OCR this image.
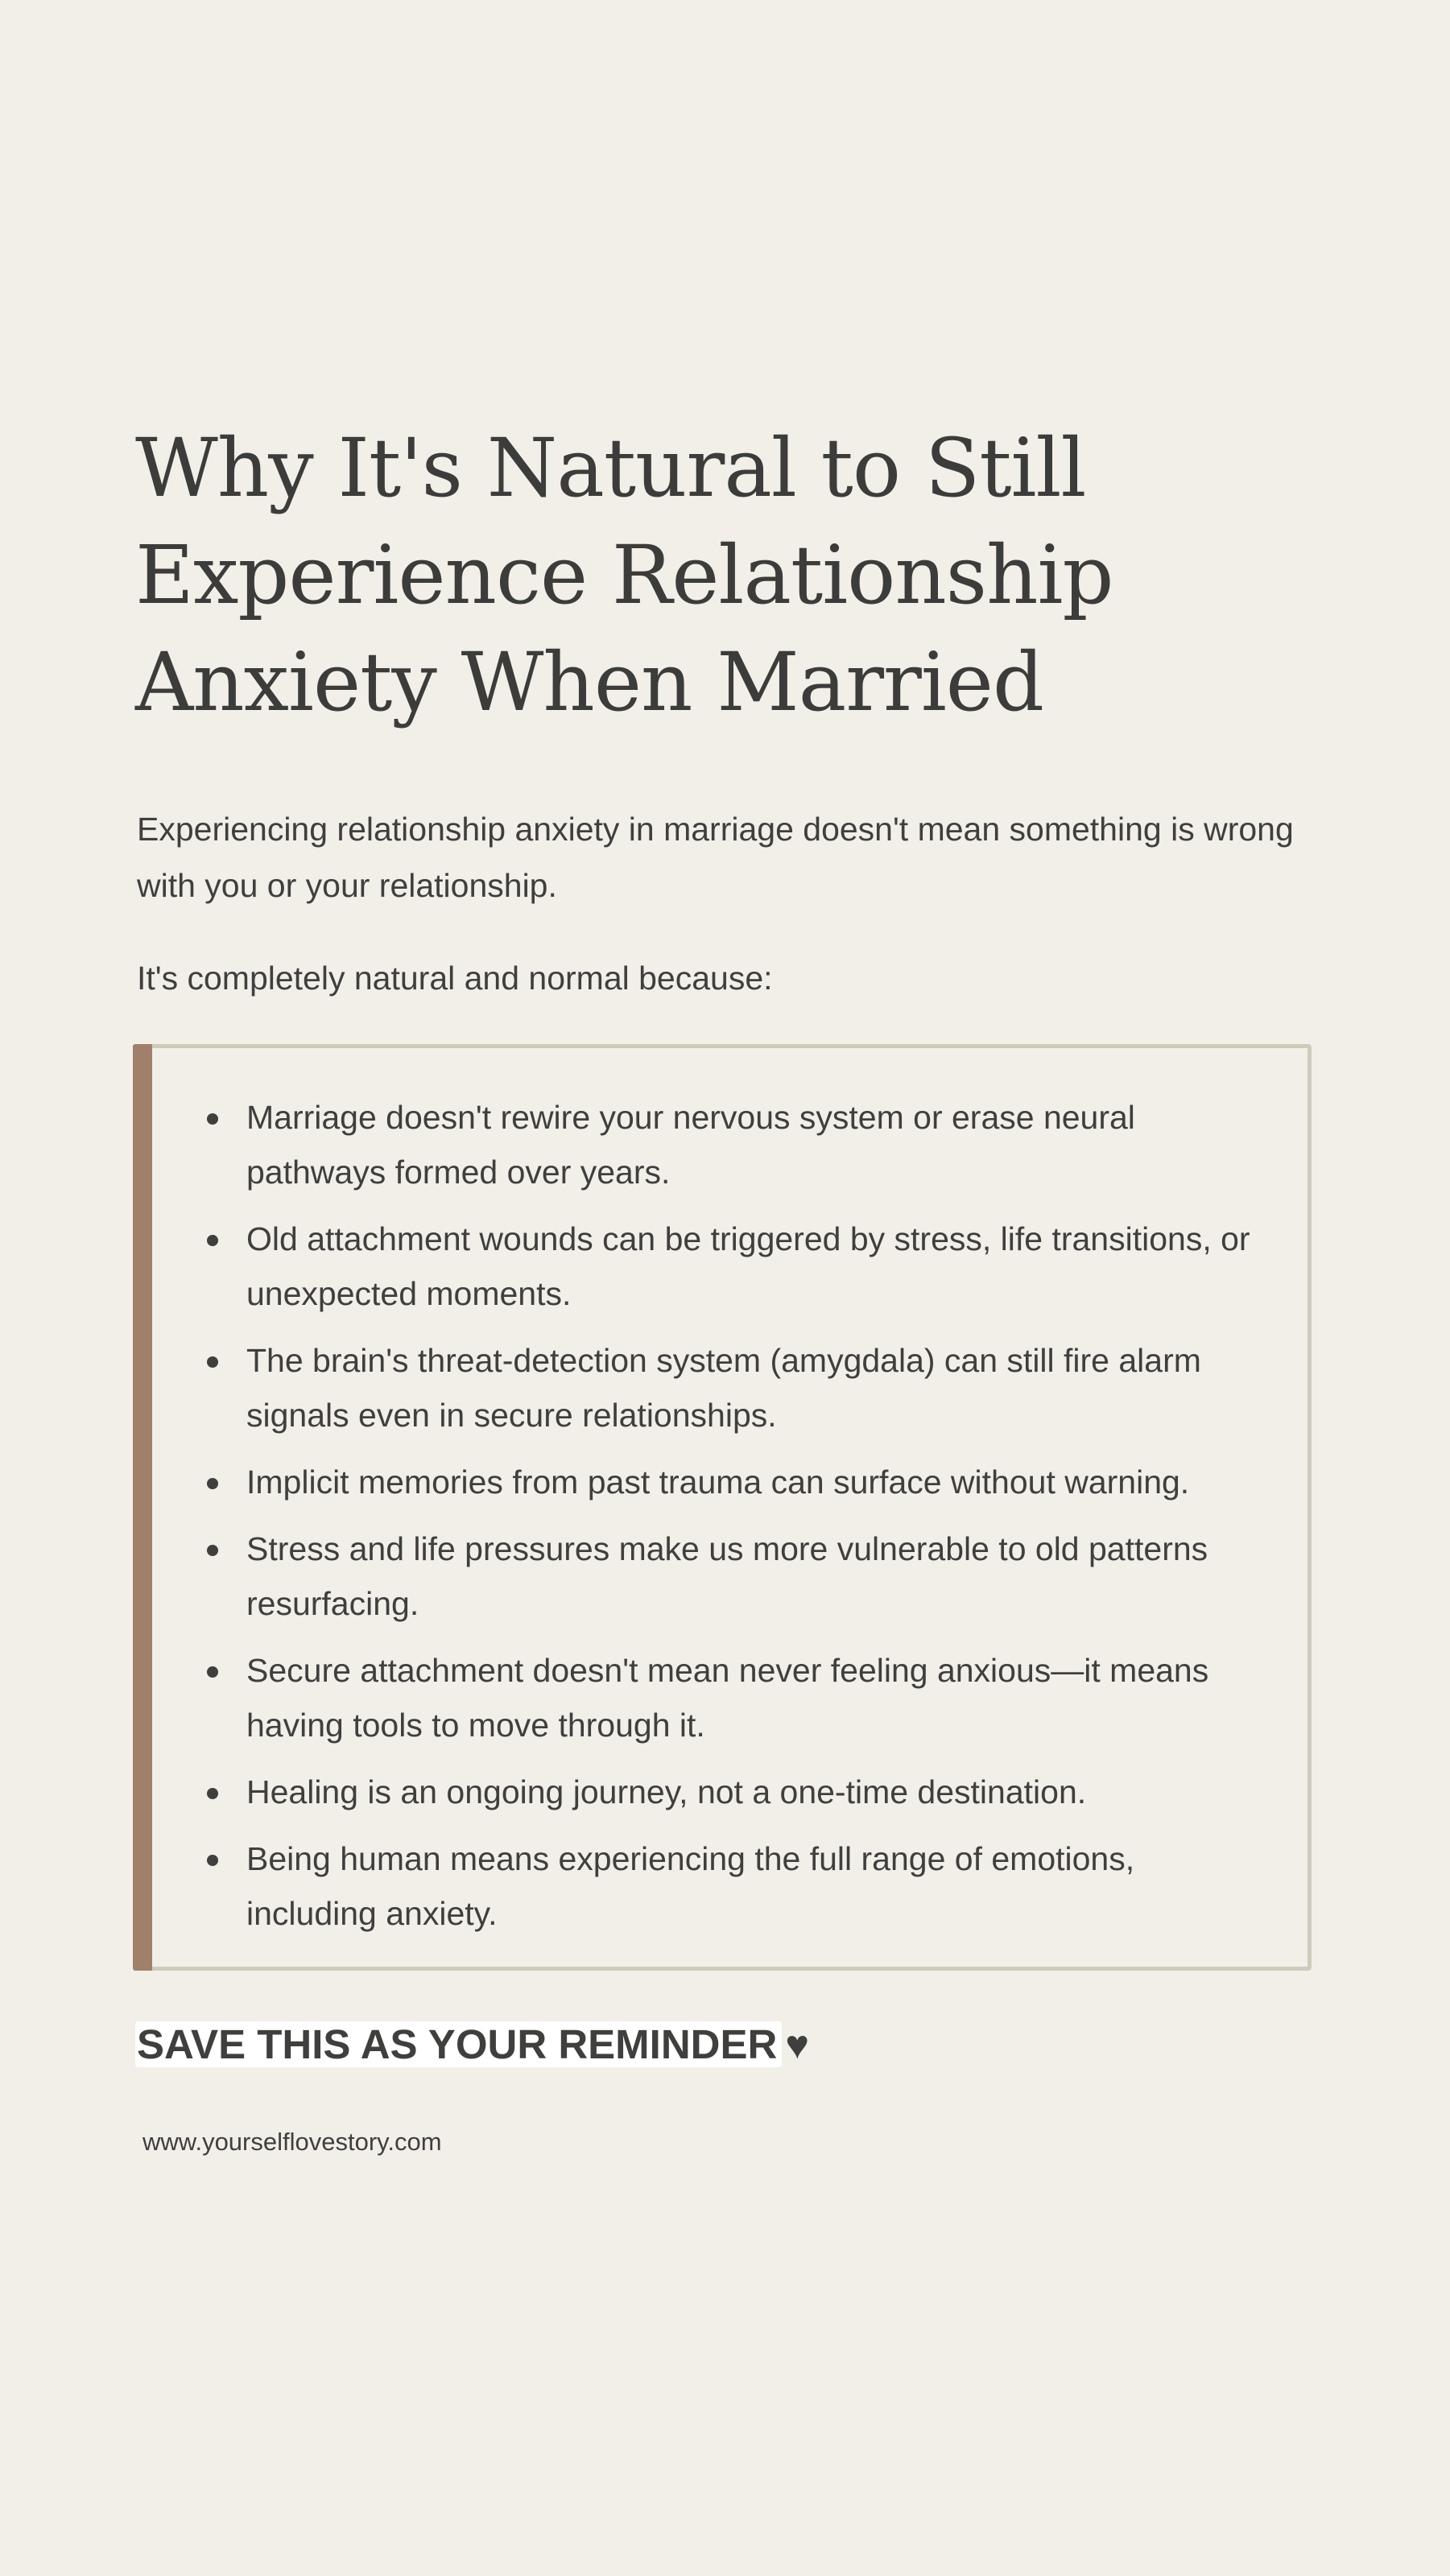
Why It's Natural to Still
Experience Relationship
Anxiety When Married

Experiencing relationship anxiety in marriage doesn't mean something is wrong with you or your relationship.

It's completely natural and normal because:

Marriage doesn't rewire your nervous system or erase neural pathways formed over years.
Old attachment wounds can be triggered by stress, life transitions, or unexpected moments.
The brain's threat-detection system (amygdala) can still fire alarm signals even in secure relationships.
Implicit memories from past trauma can surface without warning.
Stress and life pressures make us more vulnerable to old patterns resurfacing.
Secure attachment doesn't mean never feeling anxious—it means having tools to move through it.
Healing is an ongoing journey, not a one-time destination.
Being human means experiencing the full range of emotions, including anxiety.
SAVE THIS AS YOUR REMINDER ♥
www.yourselflovestory.com
